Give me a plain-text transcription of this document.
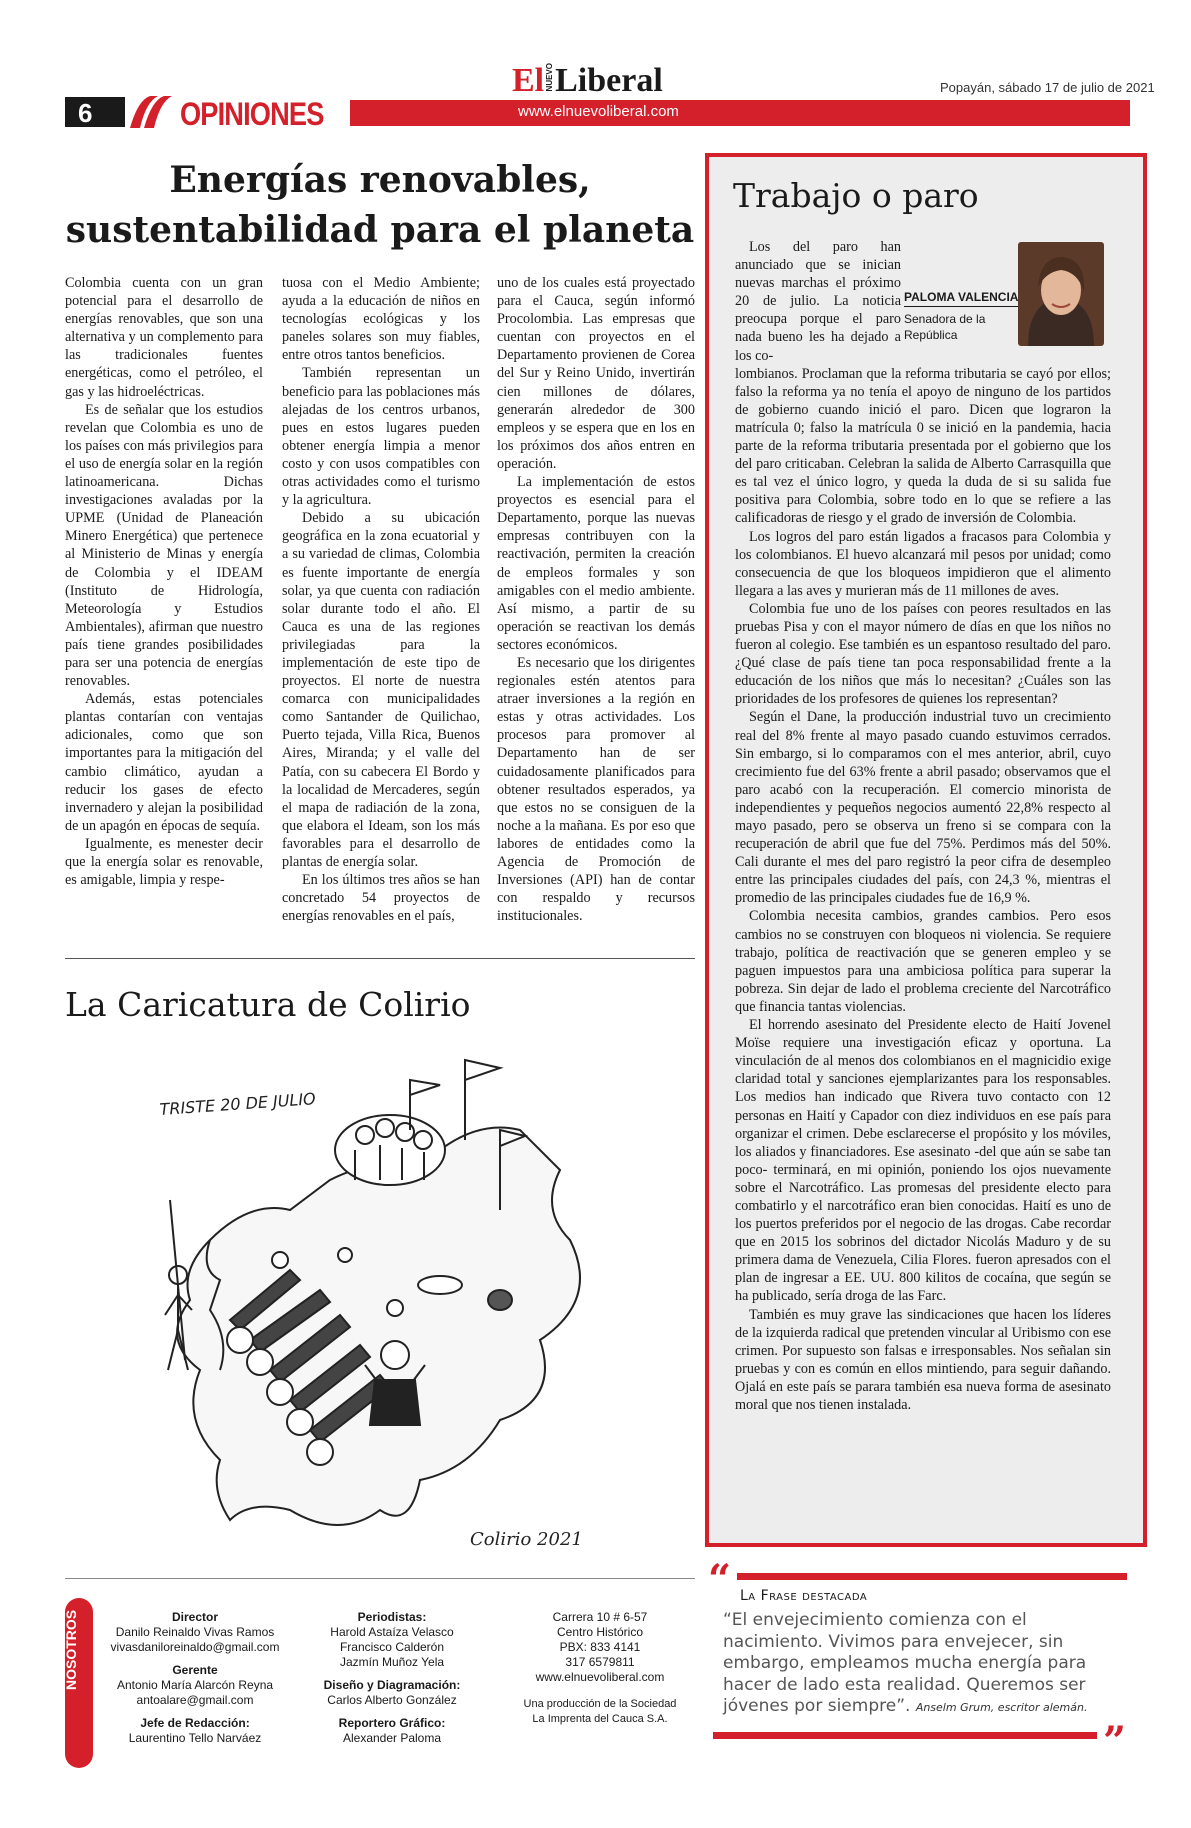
6	OPINIONES	www.elnuevoliberal.com
ElNUEVOLiberal	Popayán, sábado 17 de julio de 2021
Energías renovables,
sustentabilidad para el planeta

Colombia cuenta con un gran potencial para el desarrollo de energías renovables, que son una alternativa y un complemento para las tradicionales fuentes energéticas, como el petróleo, el gas y las hidroeléctricas.

Es de señalar que los estudios revelan que Colombia es uno de los países con más privilegios para el uso de energía solar en la región latinoamericana. Dichas investigaciones avaladas por la UPME (Unidad de Planeación Minero Energética) que pertenece al Ministerio de Minas y energía de Colombia y el IDEAM (Instituto de Hidrología, Meteorología y Estudios Ambientales), afirman que nuestro país tiene grandes posibilidades para ser una potencia de energías renovables.

Además, estas potenciales plantas contarían con ventajas adicionales, como que son importantes para la mitigación del cambio climático, ayudan a reducir los gases de efecto invernadero y alejan la posibilidad de un apagón en épocas de sequía.

Igualmente, es menester decir que la energía solar es renovable, es amigable, limpia y respe-

tuosa con el Medio Ambiente; ayuda a la educación de niños en tecnologías ecológicas y los paneles solares son muy fiables, entre otros tantos beneficios.

También representan un beneficio para las poblaciones más alejadas de los centros urbanos, pues en estos lugares pueden obtener energía limpia a menor costo y con usos compatibles con otras actividades como el turismo y la agricultura.

Debido a su ubicación geográfica en la zona ecuatorial y a su variedad de climas, Colombia es fuente importante de energía solar, ya que cuenta con radiación solar durante todo el año. El Cauca es una de las regiones privilegiadas para la implementación de este tipo de proyectos. El norte de nuestra comarca con municipalidades como Santander de Quilichao, Puerto tejada, Villa Rica, Buenos Aires, Miranda; y el valle del Patía, con su cabecera El Bordo y la localidad de Mercaderes, según el mapa de radiación de la zona, que elabora el Ideam, son los más favorables para el desarrollo de plantas de energía solar.

En los últimos tres años se han concretado 54 proyectos de energías renovables en el país,

uno de los cuales está proyectado para el Cauca, según informó Procolombia. Las empresas que cuentan con proyectos en el Departamento provienen de Corea del Sur y Reino Unido, invertirán cien millones de dólares, generarán alrededor de 300 empleos y se espera que en los en los próximos dos años entren en operación.

La implementación de estos proyectos es esencial para el Departamento, porque las nuevas empresas contribuyen con la reactivación, permiten la creación de empleos formales y son amigables con el medio ambiente. Así mismo, a partir de su operación se reactivan los demás sectores económicos.

Es necesario que los dirigentes regionales estén atentos para atraer inversiones a la región en estas y otras actividades. Los procesos para promover al Departamento han de ser cuidadosamente planificados para obtener resultados esperados, ya que estos no se consiguen de la noche a la mañana. Es por eso que labores de entidades como la Agencia de Promoción de Inversiones (API) han de contar con respaldo y recursos institucionales.

La Caricatura de Colirio
TRISTE 20 DE JULIO
Colirio 2021
Trabajo o paro
PALOMA VALENCIA
Senadora de la República

Los del paro han anunciado que se inician nuevas marchas el próximo 20 de julio. La noticia preocupa porque el paro nada bueno les ha dejado a los co-

lombianos. Proclaman que la reforma tributaria se cayó por ellos; falso la reforma ya no tenía el apoyo de ninguno de los partidos de gobierno cuando inició el paro. Dicen que lograron la matrícula 0; falso la matrícula 0 se inició en la pandemia, hacia parte de la reforma tributaria presentada por el gobierno que los del paro criticaban. Celebran la salida de Alberto Carrasquilla que es tal vez el único logro, y queda la duda de si su salida fue positiva para Colombia, sobre todo en lo que se refiere a las calificadoras de riesgo y el grado de inversión de Colombia.

Los logros del paro están ligados a fracasos para Colombia y los colombianos. El huevo alcanzará mil pesos por unidad; como consecuencia de que los bloqueos impidieron que el alimento llegara a las aves y murieran más de 11 millones de aves.

Colombia fue uno de los países con peores resultados en las pruebas Pisa y con el mayor número de días en que los niños no fueron al colegio. Ese también es un espantoso resultado del paro. ¿Qué clase de país tiene tan poca responsabilidad frente a la educación de los niños que más lo necesitan? ¿Cuáles son las prioridades de los profesores de quienes los representan?

Según el Dane, la producción industrial tuvo un crecimiento real del 8% frente al mayo pasado cuando estuvimos cerrados. Sin embargo, si lo comparamos con el mes anterior, abril, cuyo crecimiento fue del 63% frente a abril pasado; observamos que el paro acabó con la recuperación. El comercio minorista de independientes y pequeños negocios aumentó 22,8% respecto al mayo pasado, pero se observa un freno si se compara con la recuperación de abril que fue del 75%. Perdimos más del 50%. Cali durante el mes del paro registró la peor cifra de desempleo entre las principales ciudades del país, con 24,3 %, mientras el promedio de las principales ciudades fue de 16,9 %.

Colombia necesita cambios, grandes cambios. Pero esos cambios no se construyen con bloqueos ni violencia. Se requiere trabajo, política de reactivación que se generen empleo y se paguen impuestos para una ambiciosa política para superar la pobreza. Sin dejar de lado el problema creciente del Narcotráfico que financia tantas violencias.

El horrendo asesinato del Presidente electo de Haití Jovenel Moïse requiere una investigación eficaz y oportuna. La vinculación de al menos dos colombianos en el magnicidio exige claridad total y sanciones ejemplarizantes para los responsables. Los medios han indicado que Rivera tuvo contacto con 12 personas en Haití y Capador con diez individuos en ese país para organizar el crimen. Debe esclarecerse el propósito y los móviles, los aliados y financiadores. Ese asesinato -del que aún se sabe tan poco- terminará, en mi opinión, poniendo los ojos nuevamente sobre el Narcotráfico. Las promesas del presidente electo para combatirlo y el narcotráfico eran bien conocidas. Haití es uno de los puertos preferidos por el negocio de las drogas. Cabe recordar que en 2015 los sobrinos del dictador Nicolás Maduro y de su primera dama de Venezuela, Cilia Flores. fueron apresados con el plan de ingresar a EE. UU. 800 kilitos de cocaína, que según se ha publicado, sería droga de las Farc.

También es muy grave las sindicaciones que hacen los líderes de la izquierda radical que pretenden vincular al Uribismo con ese crimen. Por supuesto son falsas e irresponsables. Nos señalan sin pruebas y con es común en ellos mintiendo, para seguir dañando. Ojalá en este país se parara también esa nueva forma de asesinato moral que nos tienen instalada.

NOSOTROS	Director
Danilo Reinaldo Vivas Ramos
vivasdaniloreinaldo@gmail.com
Gerente
Antonio María Alarcón Reyna
antoalare@gmail.com
Jefe de Redacción:
Laurentino Tello Narváez
Periodistas:
Harold Astaíza Velasco
Francisco Calderón
Jazmín Muñoz Yela
Diseño y Diagramación:
Carlos Alberto González
Reportero Gráfico:
Alexander Paloma
Carrera 10 # 6-57
Centro Histórico
PBX: 833 4141
317 6579811
www.elnuevoliberal.com
Una producción de la Sociedad
La Imprenta del Cauca S.A.
“ La Frase destacada
“El envejecimiento comienza con el nacimiento. Vivimos para envejecer, sin embargo, empleamos mucha energía para hacer de lado esta realidad. Queremos ser jóvenes por siempre”. Anselm Grum, escritor alemán.
”
